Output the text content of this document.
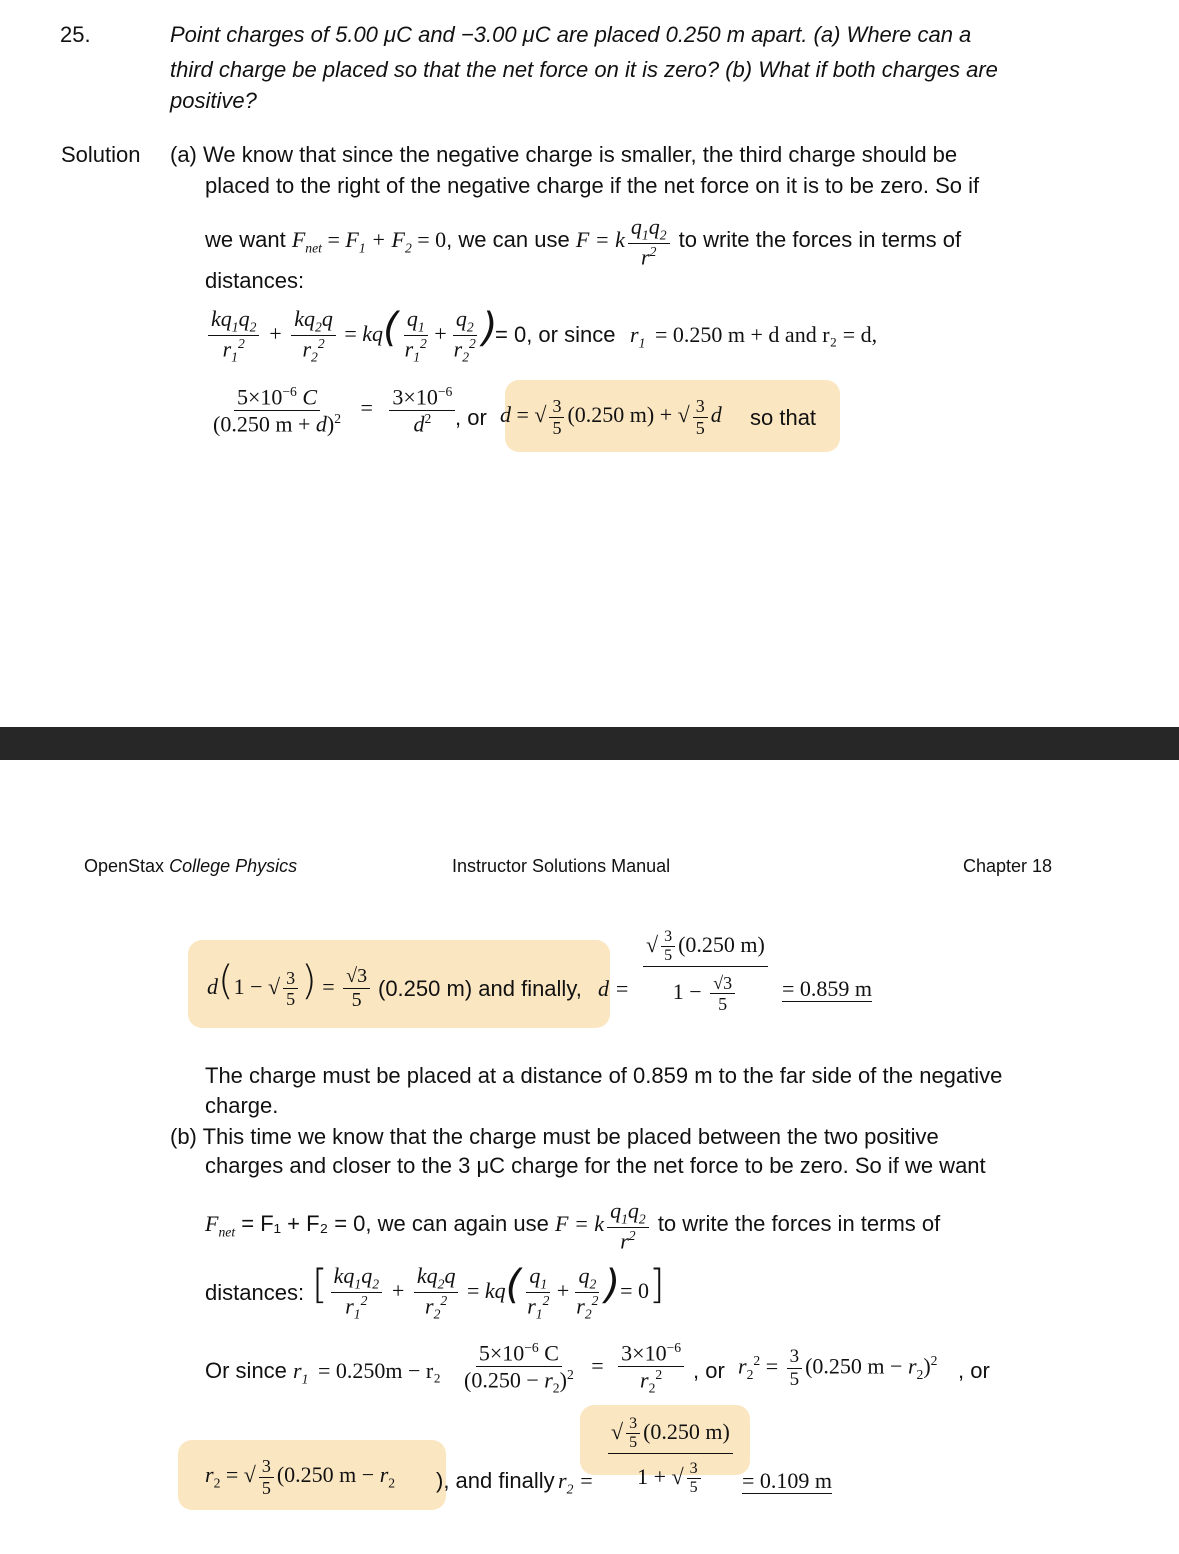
25.	Point charges of 5.00 μC and −3.00 μC are placed 0.250 m apart. (a) Where can a
third charge be placed so that the net force on it is zero? (b) What if both charges are
positive?
Solution (a) We know that since the negative charge is smaller, the third charge should be
placed to the right of the negative charge if the net force on it is to be zero. So if
we want $F_{net} = F_1 + F_2 = 0$, we can use F = k $\frac{q_1q_2}{r^2}$ to write the forces in terms of
distances:
$\frac{kq_1q_2}{r_1^2} + \frac{kq_2q}{r_2^2} = kq( \frac{q_1}{r_1^2} + \frac{q_2}{r_2^2}$ )
= 0, or since $r_1 = 0.250$ m + d and r₂ = d,
$\frac{5\times 10^{-6} C}{(0.250 m + d)^2} = \frac{3\times 10^{-6}}{d^2}$ , or d = √ $\frac{3}{5} (0.250$ m) + √ $\frac{3}{5}$ d so that
OpenStax College Physics	Instructor Solutions Manual	Chapter 18
d(1 − √ $\frac{3}{5}$ ) = $\frac{√3}{5} (0.250$ m) and finally, $d = \frac{√ \frac{3}{5} (0.250 m)}{1 - \frac{√3}{5}} = 0.859$ m
The charge must be placed at a distance of 0.859 m to the far side of the negative
charge.
(b) This time we know that the charge must be placed between the two positive
charges and closer to the 3 μC charge for the net force to be zero. So if we want
$F_{net} = F_1 + F_2 = 0$, we can again use F = k $\frac{q_1q_2}{r^2}$ to write the forces in terms of
distances: [ $\frac{kq_1q_2}{r_1^2} + \frac{kq_2q}{r_2^2} = kq( \frac{q_1}{r_1^2} + \frac{q_2}{r_2^2}$ )= 0]
Or since $r_1 = 0.250m - r_2 \frac{5\times 10^{-6} C}{(0.250 - r_2)^2} = \frac{3\times 10^{-6}}{r_2^2}$ , or $r_2^2 = \frac{3}{5} (0.250$ $m - r_2)^2$ , or
$r_2$ = √ $\frac{3}{5} (0.250$ $m - r_2$ ), and finally $r_2 = \frac{√ \frac{3}{5} (0.250 m)}{1 + √ \frac{3}{5}} = 0.109$ m
